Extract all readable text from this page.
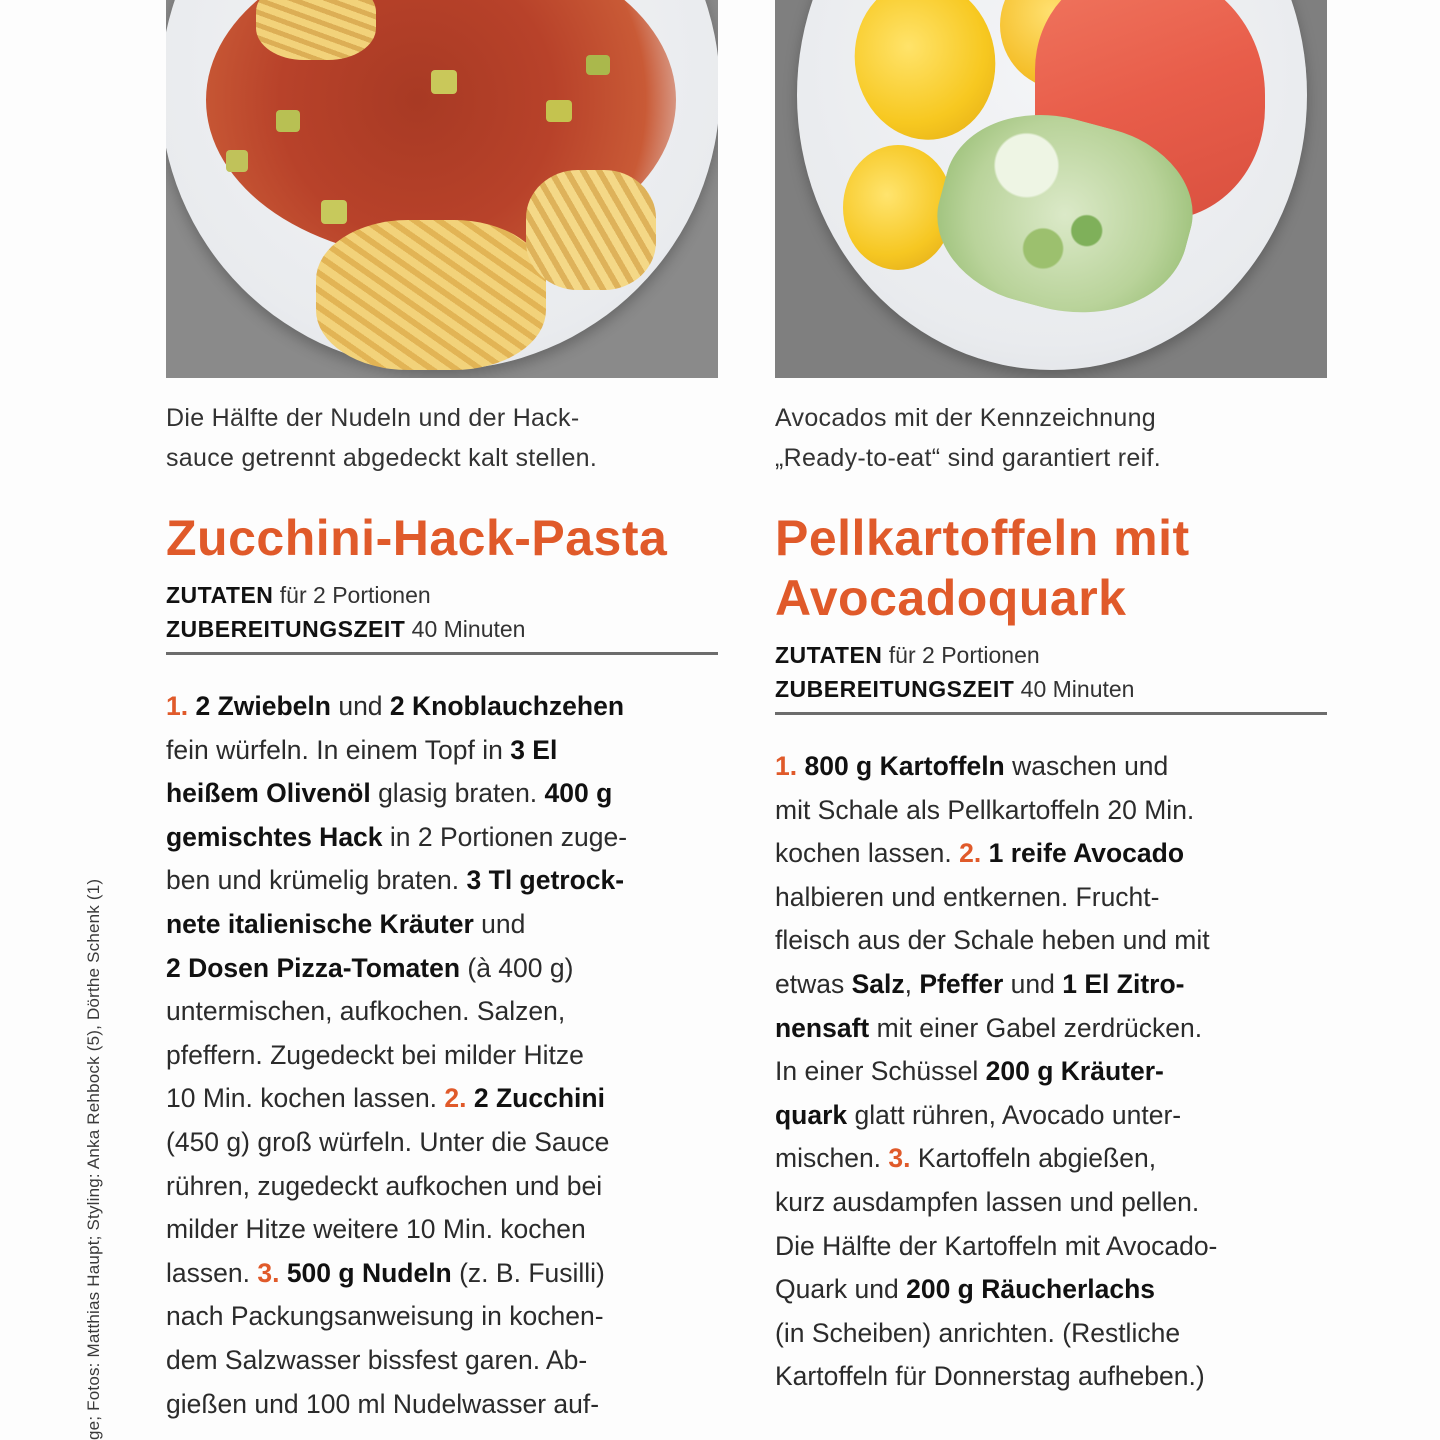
ge; Fotos: Matthias Haupt; Styling: Anka Rehbock (5), Dörthe Schenk (1)
Die Hälfte der Nudeln und der Hack-
sauce getrennt abgedeckt kalt stellen.
Zucchini-Hack-Pasta
ZUTATEN für 2 Portionen
ZUBEREITUNGSZEIT 40 Minuten
1. 2 Zwiebeln und 2 Knoblauchzehen
fein würfeln. In einem Topf in 3 El
heißem Olivenöl glasig braten. 400 g
gemischtes Hack in 2 Portionen zuge-
ben und krümelig braten. 3 Tl getrock-
nete italienische Kräuter und
2 Dosen Pizza-Tomaten (à 400 g)
untermischen, aufkochen. Salzen,
pfeffern. Zugedeckt bei milder Hitze
10 Min. kochen lassen. 2. 2 Zucchini
(450 g) groß würfeln. Unter die Sauce
rühren, zugedeckt aufkochen und bei
milder Hitze weitere 10 Min. kochen
lassen. 3. 500 g Nudeln (z. B. Fusilli)
nach Packungsanweisung in kochen-
dem Salzwasser bissfest garen. Ab-
gießen und 100 ml Nudelwasser auf-
Avocados mit der Kennzeichnung
„Ready-to-eat“ sind garantiert reif.
Pellkartoffeln mit
Avocadoquark
ZUTATEN für 2 Portionen
ZUBEREITUNGSZEIT 40 Minuten
1. 800 g Kartoffeln waschen und
mit Schale als Pellkartoffeln 20 Min.
kochen lassen. 2. 1 reife Avocado
halbieren und entkernen. Frucht-
fleisch aus der Schale heben und mit
etwas Salz, Pfeffer und 1 El Zitro-
nensaft mit einer Gabel zerdrücken.
In einer Schüssel 200 g Kräuter-
quark glatt rühren, Avocado unter-
mischen. 3. Kartoffeln abgießen,
kurz ausdampfen lassen und pellen.
Die Hälfte der Kartoffeln mit Avocado-
Quark und 200 g Räucherlachs
(in Scheiben) anrichten. (Restliche
Kartoffeln für Donnerstag aufheben.)
